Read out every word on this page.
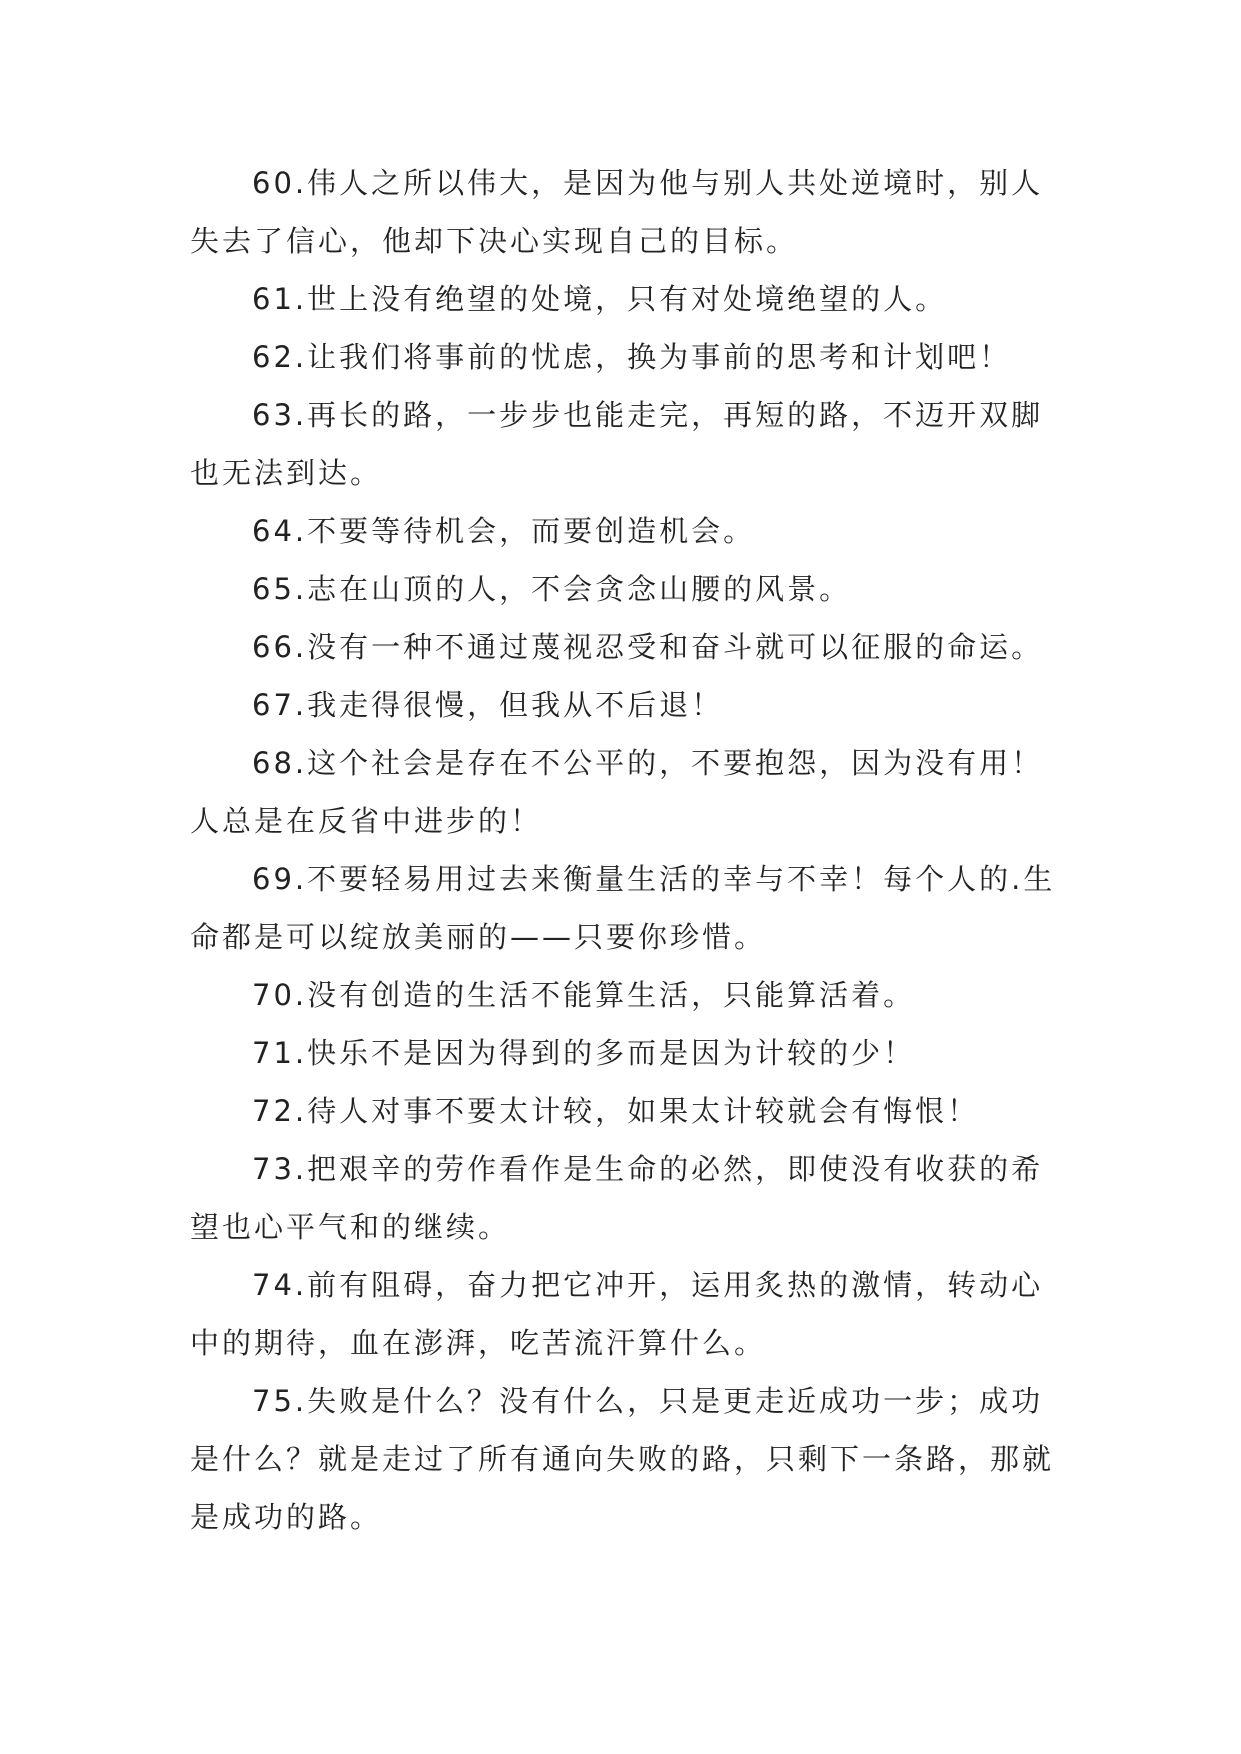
60.伟人之所以伟大，是因为他与别人共处逆境时，别人失去了信心，他却下决心实现自己的目标。

61.世上没有绝望的处境，只有对处境绝望的人。

62.让我们将事前的忧虑，换为事前的思考和计划吧！

63.再长的路，一步步也能走完，再短的路，不迈开双脚也无法到达。

64.不要等待机会，而要创造机会。

65.志在山顶的人，不会贪念山腰的风景。

66.没有一种不通过蔑视忍受和奋斗就可以征服的命运。

67.我走得很慢，但我从不后退！

68.这个社会是存在不公平的，不要抱怨，因为没有用！人总是在反省中进步的！

69.不要轻易用过去来衡量生活的幸与不幸！每个人的.生命都是可以绽放美丽的——只要你珍惜。

70.没有创造的生活不能算生活，只能算活着。

71.快乐不是因为得到的多而是因为计较的少！

72.待人对事不要太计较，如果太计较就会有悔恨！

73.把艰辛的劳作看作是生命的必然，即使没有收获的希望也心平气和的继续。

74.前有阻碍，奋力把它冲开，运用炙热的激情，转动心中的期待，血在澎湃，吃苦流汗算什么。

75.失败是什么？没有什么，只是更走近成功一步；成功是什么？就是走过了所有通向失败的路，只剩下一条路，那就是成功的路。
